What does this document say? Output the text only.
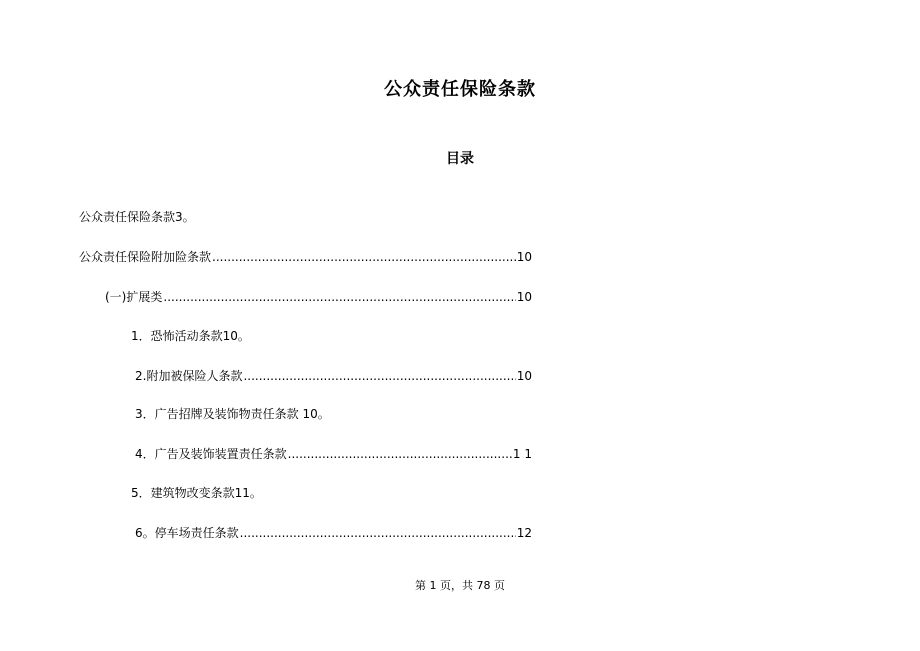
公众责任保险条款
目录
公众责任保险条款3。
公众责任保险附加险条款 .....	10
(一)扩展类 .....	10
1．恐怖活动条款10。
2.附加被保险人条款 .....	10
3．广告招牌及装饰物责任条款 10。
4．广告及装饰装置责任条款 .....	1 1
5．建筑物改变条款11。
6。停车场责任条款 .....	12
第 1 页，共 78 页
